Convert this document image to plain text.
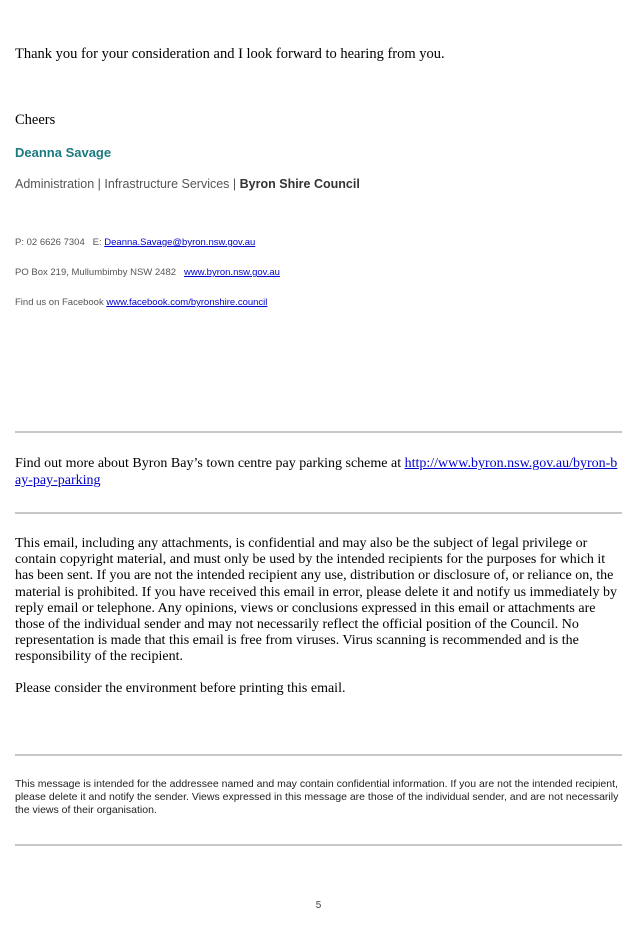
Thank you for your consideration and I look forward to hearing from you.
Cheers
Deanna Savage
Administration | Infrastructure Services | Byron Shire Council
P: 02 6626 7304   E: Deanna.Savage@byron.nsw.gov.au
PO Box 219, Mullumbimby NSW 2482   www.byron.nsw.gov.au
Find us on Facebook www.facebook.com/byronshire.council
Find out more about Byron Bay’s town centre pay parking scheme at http://www.byron.nsw.gov.au/byron-bay-pay-parking
This email, including any attachments, is confidential and may also be the subject of legal privilege or contain copyright material, and must only be used by the intended recipients for the purposes for which it has been sent. If you are not the intended recipient any use, distribution or disclosure of, or reliance on, the material is prohibited. If you have received this email in error, please delete it and notify us immediately by reply email or telephone. Any opinions, views or conclusions expressed in this email or attachments are those of the individual sender and may not necessarily reflect the official position of the Council. No representation is made that this email is free from viruses. Virus scanning is recommended and is the responsibility of the recipient.
Please consider the environment before printing this email.
This message is intended for the addressee named and may contain confidential information. If you are not the intended recipient, please delete it and notify the sender. Views expressed in this message are those of the individual sender, and are not necessarily the views of their organisation.
5
